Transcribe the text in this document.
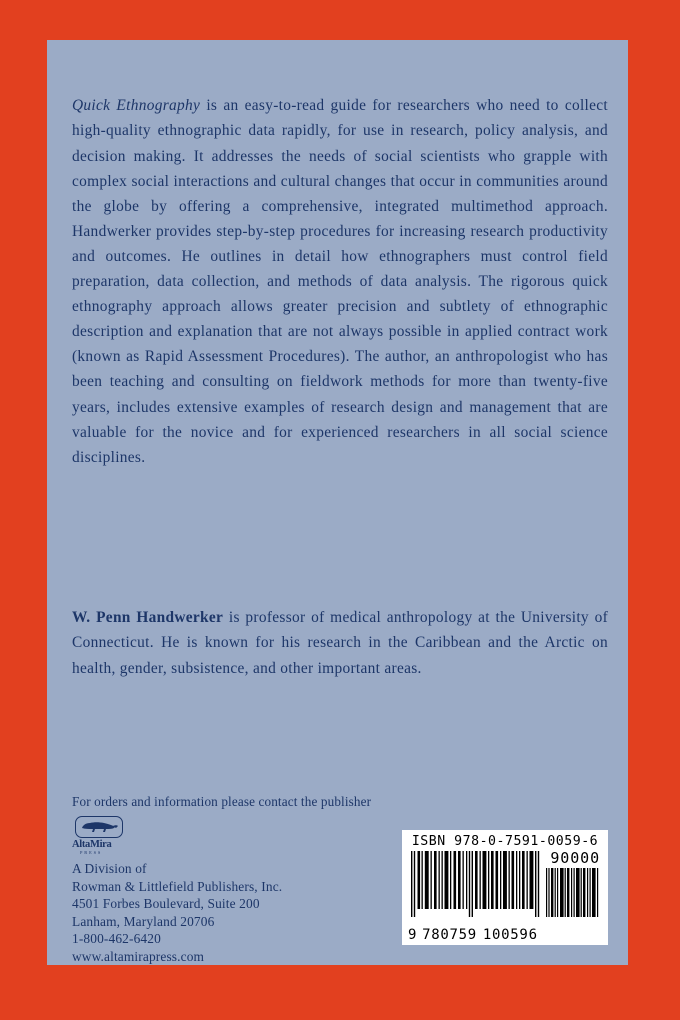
Quick Ethnography is an easy-to-read guide for researchers who need to collect high-quality ethnographic data rapidly, for use in research, policy analysis, and decision making. It addresses the needs of social scientists who grapple with complex social interactions and cultural changes that occur in communities around the globe by offering a comprehensive, integrated multimethod approach. Handwerker provides step-by-step procedures for increasing research productivity and outcomes. He outlines in detail how ethnographers must control field preparation, data collection, and methods of data analysis. The rigorous quick ethnography approach allows greater precision and subtlety of ethnographic description and explanation that are not always possible in applied contract work (known as Rapid Assessment Procedures). The author, an anthropologist who has been teaching and consulting on fieldwork methods for more than twenty-five years, includes extensive examples of research design and management that are valuable for the novice and for experienced researchers in all social science disciplines.

W. Penn Handwerker is professor of medical anthropology at the University of Connecticut. He is known for his research in the Caribbean and the Arctic on health, gender, subsistence, and other important areas.

For orders and information please contact the publisher
AltaMira
PRESS
A Division of
Rowman & Littlefield Publishers, Inc.
4501 Forbes Boulevard, Suite 200
Lanham, Maryland 20706
1-800-462-6420
www.altamirapress.com
ISBN 978-0-7591-0059-6
90000
9 780759 100596
